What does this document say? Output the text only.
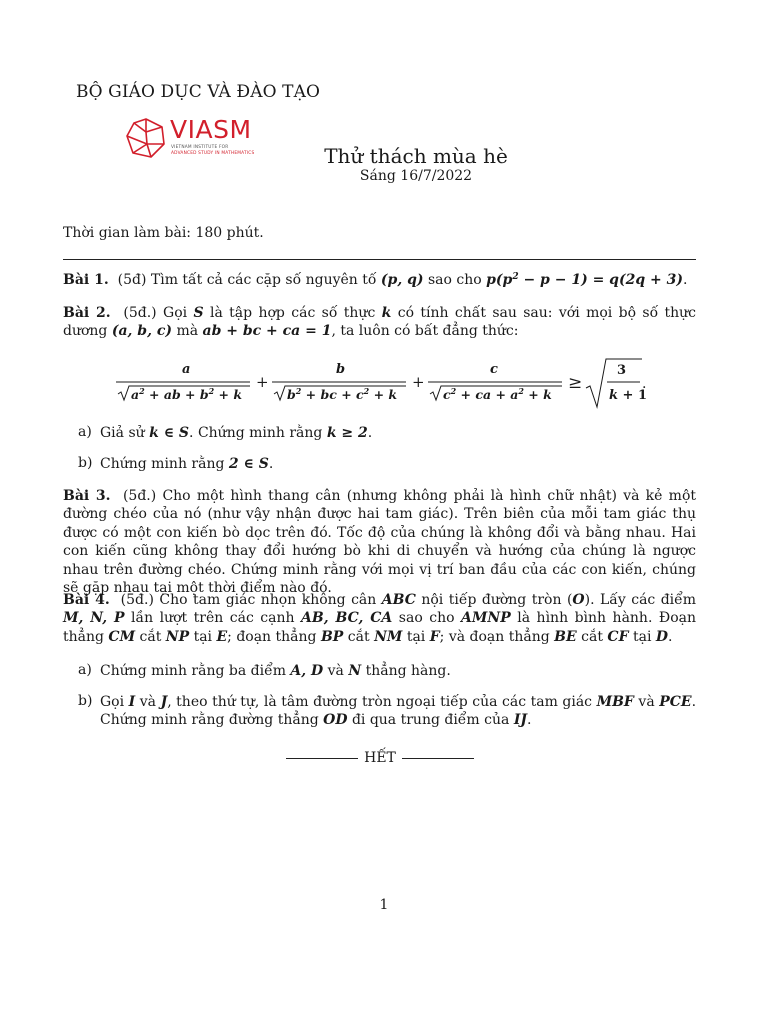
BỘ GIÁO DỤC VÀ ĐÀO TẠO
VIASM
VIETNAM INSTITUTE FOR
ADVANCED STUDY IN MATHEMATICS	Thử thách mùa hè
Sáng 16/7/2022
Thời gian làm bài: 180 phút.
Bài 1. (5đ) Tìm tất cả các cặp số nguyên tố (p, q) sao cho $p(p^2 - p - 1) = q(2q + 3)$.
Bài 2. (5đ.) Gọi S là tập hợp các số thực k có tính chất sau sau: với mọi bộ số thực dương (a, b, c) mà ab + bc + ca = 1, ta luôn có bất đẳng thức:
a	b	c
+	+
$a^2$ + ab + $b^2 + k$	$b^2$ + bc + $c^2 + k$	$c^2$ + ca + $a^2 + k$
≥
3
k + 1
.
a) Giả sử k ∈ S. Chứng minh rằng k ≥ 2.
b) Chứng minh rằng 2 ∈ S.
Bài 3. (5đ.) Cho một hình thang cân (nhưng không phải là hình chữ nhật) và kẻ một đường chéo của nó (như vậy nhận được hai tam giác). Trên biên của mỗi tam giác thụ được có một con kiến bò dọc trên đó. Tốc độ của chúng là không đổi và bằng nhau. Hai con kiến cũng không thay đổi hướng bò khi di chuyển và hướng của chúng là ngược nhau trên đường chéo. Chứng minh rằng với mọi vị trí ban đầu của các con kiến, chúng sẽ gặp nhau tại một thời điểm nào đó.
Bài 4. (5đ.) Cho tam giác nhọn không cân ABC nội tiếp đường tròn (O). Lấy các điểm M, N, P lần lượt trên các cạnh AB, BC, CA sao cho AMNP là hình bình hành. Đoạn thẳng CM cắt NP tại E; đoạn thẳng BP cắt NM tại F; và đoạn thẳng BE cắt CF tại D.
a) Chứng minh rằng ba điểm A, D và N thẳng hàng.
b) Gọi I và J, theo thứ tự, là tâm đường tròn ngoại tiếp của các tam giác MBF và PCE. Chứng minh rằng đường thẳng OD đi qua trung điểm của IJ.
HẾT
1
